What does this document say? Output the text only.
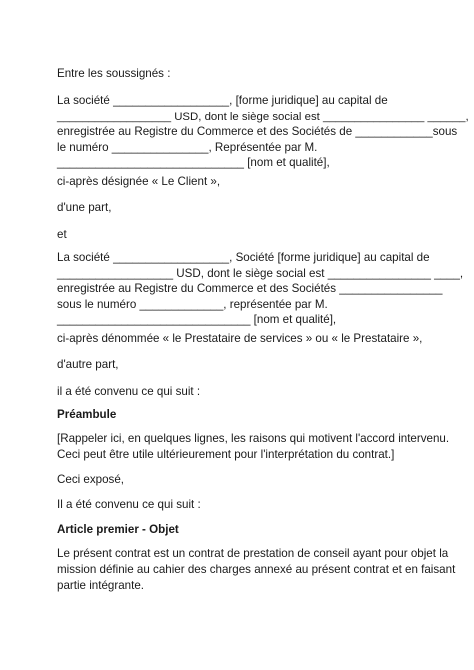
Entre les soussignés :

La société __________________, [forme juridique] au capital de

__________________ USD, dont le siège social est ________________ ______,

enregistrée au Registre du Commerce et des Sociétés de ____________sous

le numéro _______________, Représentée par M.

_____________________________ [nom et qualité],

ci-après désignée « Le Client »,

d'une part,

et

La société __________________, Société [forme juridique] au capital de

__________________ USD, dont le siège social est ________________ ____,

enregistrée au Registre du Commerce et des Sociétés ________________

sous le numéro _____________, représentée par M.

______________________________ [nom et qualité],

ci-après dénommée « le Prestataire de services » ou « le Prestataire »,

d'autre part,

il a été convenu ce qui suit :

Préambule

[Rappeler ici, en quelques lignes, les raisons qui motivent l'accord intervenu.

Ceci peut être utile ultérieurement pour l'interprétation du contrat.]

Ceci exposé,

Il a été convenu ce qui suit :

Article premier - Objet

Le présent contrat est un contrat de prestation de conseil ayant pour objet la

mission définie au cahier des charges annexé au présent contrat et en faisant

partie intégrante.
